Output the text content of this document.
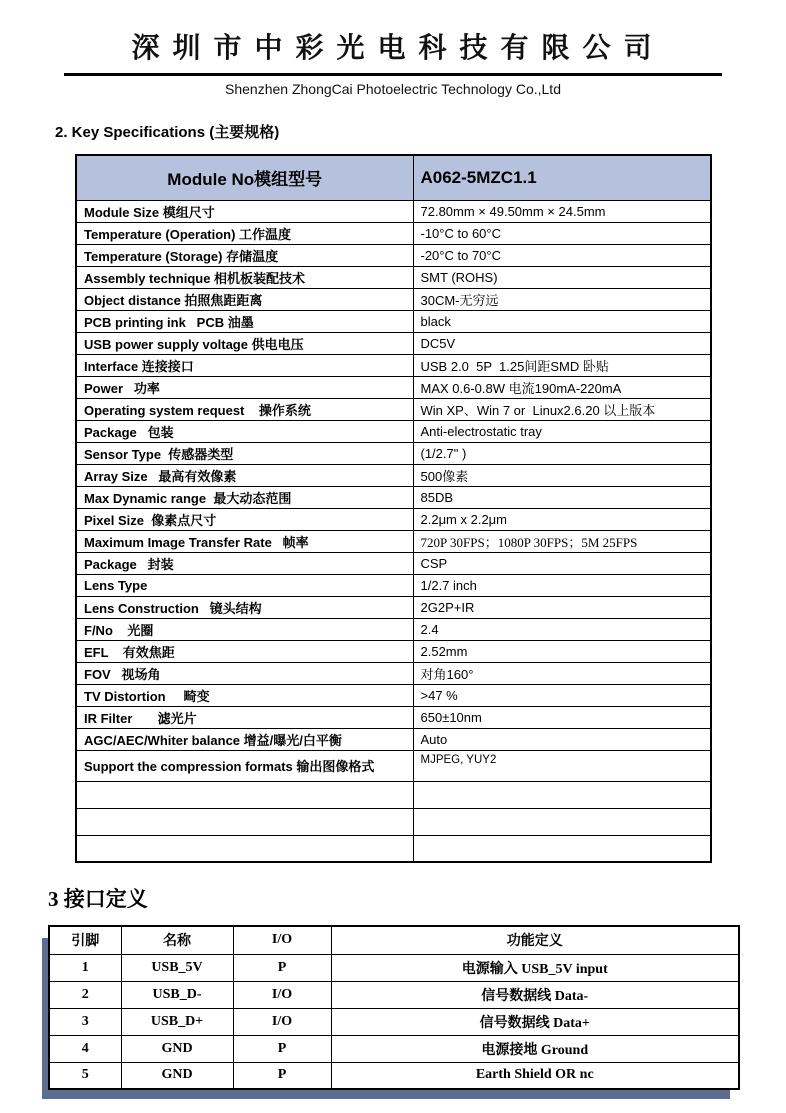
深 圳 市 中 彩 光 电 科 技 有 限 公 司
Shenzhen ZhongCai Photoelectric Technology Co.,Ltd
2. Key Specifications (主要规格)
Module No模组型号	A062-5MZC1.1
Module Size 模组尺寸	72.80mm × 49.50mm × 24.5mm
Temperature (Operation) 工作温度	-10°C to 60°C
Temperature (Storage) 存储温度	-20°C to 70°C
Assembly technique 相机板装配技术	SMT (ROHS)
Object distance 拍照焦距距离	30CM-无穷远
PCB printing ink   PCB 油墨	black
USB power supply voltage 供电电压	DC5V
Interface 连接接口	USB 2.0  5P  1.25间距SMD 卧贴
Power   功率	MAX 0.6-0.8W 电流190mA-220mA
Operating system request    操作系统	Win XP、Win 7 or  Linux2.6.20 以上版本
Package   包装	Anti-electrostatic tray
Sensor Type  传感器类型	(1/2.7" )
Array Size   最高有效像素	500像素
Max Dynamic range  最大动态范围	85DB
Pixel Size  像素点尺寸	2.2μm x 2.2μm
Maximum Image Transfer Rate   帧率	720P 30FPS；1080P 30FPS；5M 25FPS
Package   封装	CSP
Lens Type	1/2.7 inch
Lens Construction   镜头结构	2G2P+IR
F/No    光圈	2.4
EFL    有效焦距	2.52mm
FOV   视场角	对角160°
TV Distortion     畸变	>47 %
IR Filter       滤光片	650±10nm
AGC/AEC/Whiter balance 增益/曝光/白平衡	Auto
Support the compression formats 输出图像格式	MJPEG, YUY2

3 接口定义
引脚	名称	I/O	功能定义
1	USB_5V	P	电源输入 USB_5V input
2	USB_D-	I/O	信号数据线 Data-
3	USB_D+	I/O	信号数据线 Data+
4	GND	P	电源接地 Ground
5	GND	P	Earth Shield OR nc
